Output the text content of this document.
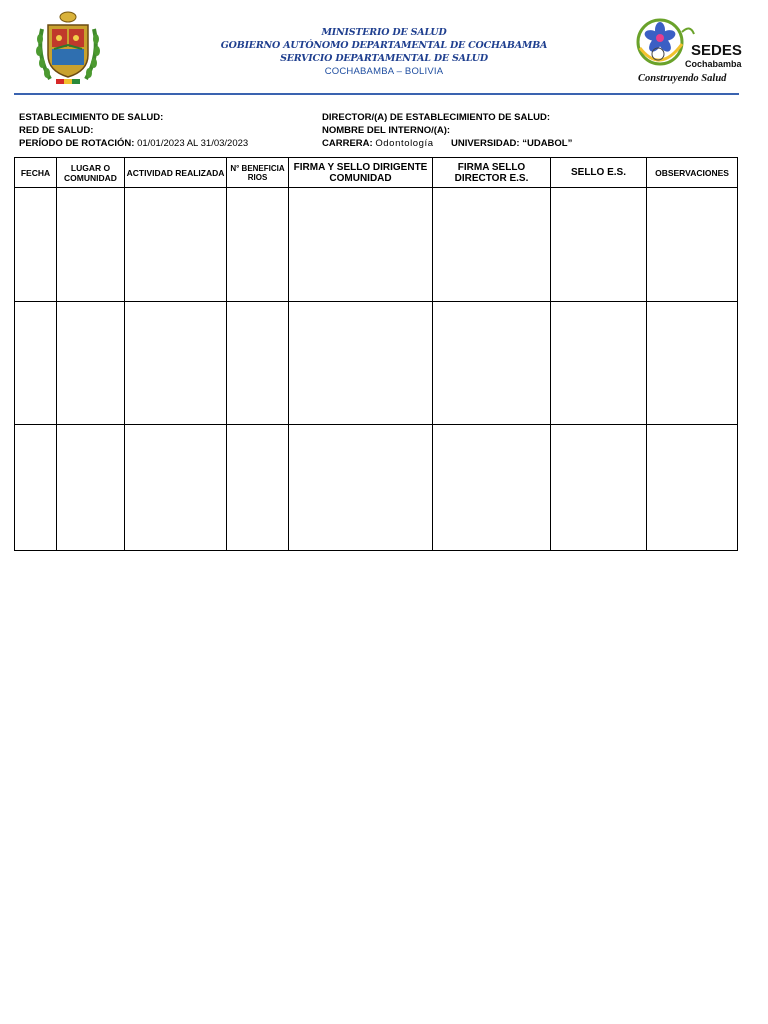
MINISTERIO DE SALUD
GOBIERNO AUTÓNOMO DEPARTAMENTAL DE COCHABAMBA
SERVICIO DEPARTAMENTAL DE SALUD
COCHABAMBA – BOLIVIA
SEDES
Cochabamba
Construyendo Salud
ESTABLECIMIENTO DE SALUD:
RED DE SALUD:
PERÍODO DE ROTACIÓN: 01/01/2023 AL 31/03/2023
DIRECTOR/(A) DE ESTABLECIMIENTO DE SALUD:
NOMBRE DEL INTERNO/(A):
CARRERA: Odontología UNIVERSIDAD: “UDABOL”
FECHA	LUGAR O COMUNIDAD	ACTIVIDAD REALIZADA	N° BENEFICIA RIOS	FIRMA Y SELLO DIRIGENTE COMUNIDAD	FIRMA SELLO DIRECTOR E.S.	SELLO E.S.	OBSERVACIONES
